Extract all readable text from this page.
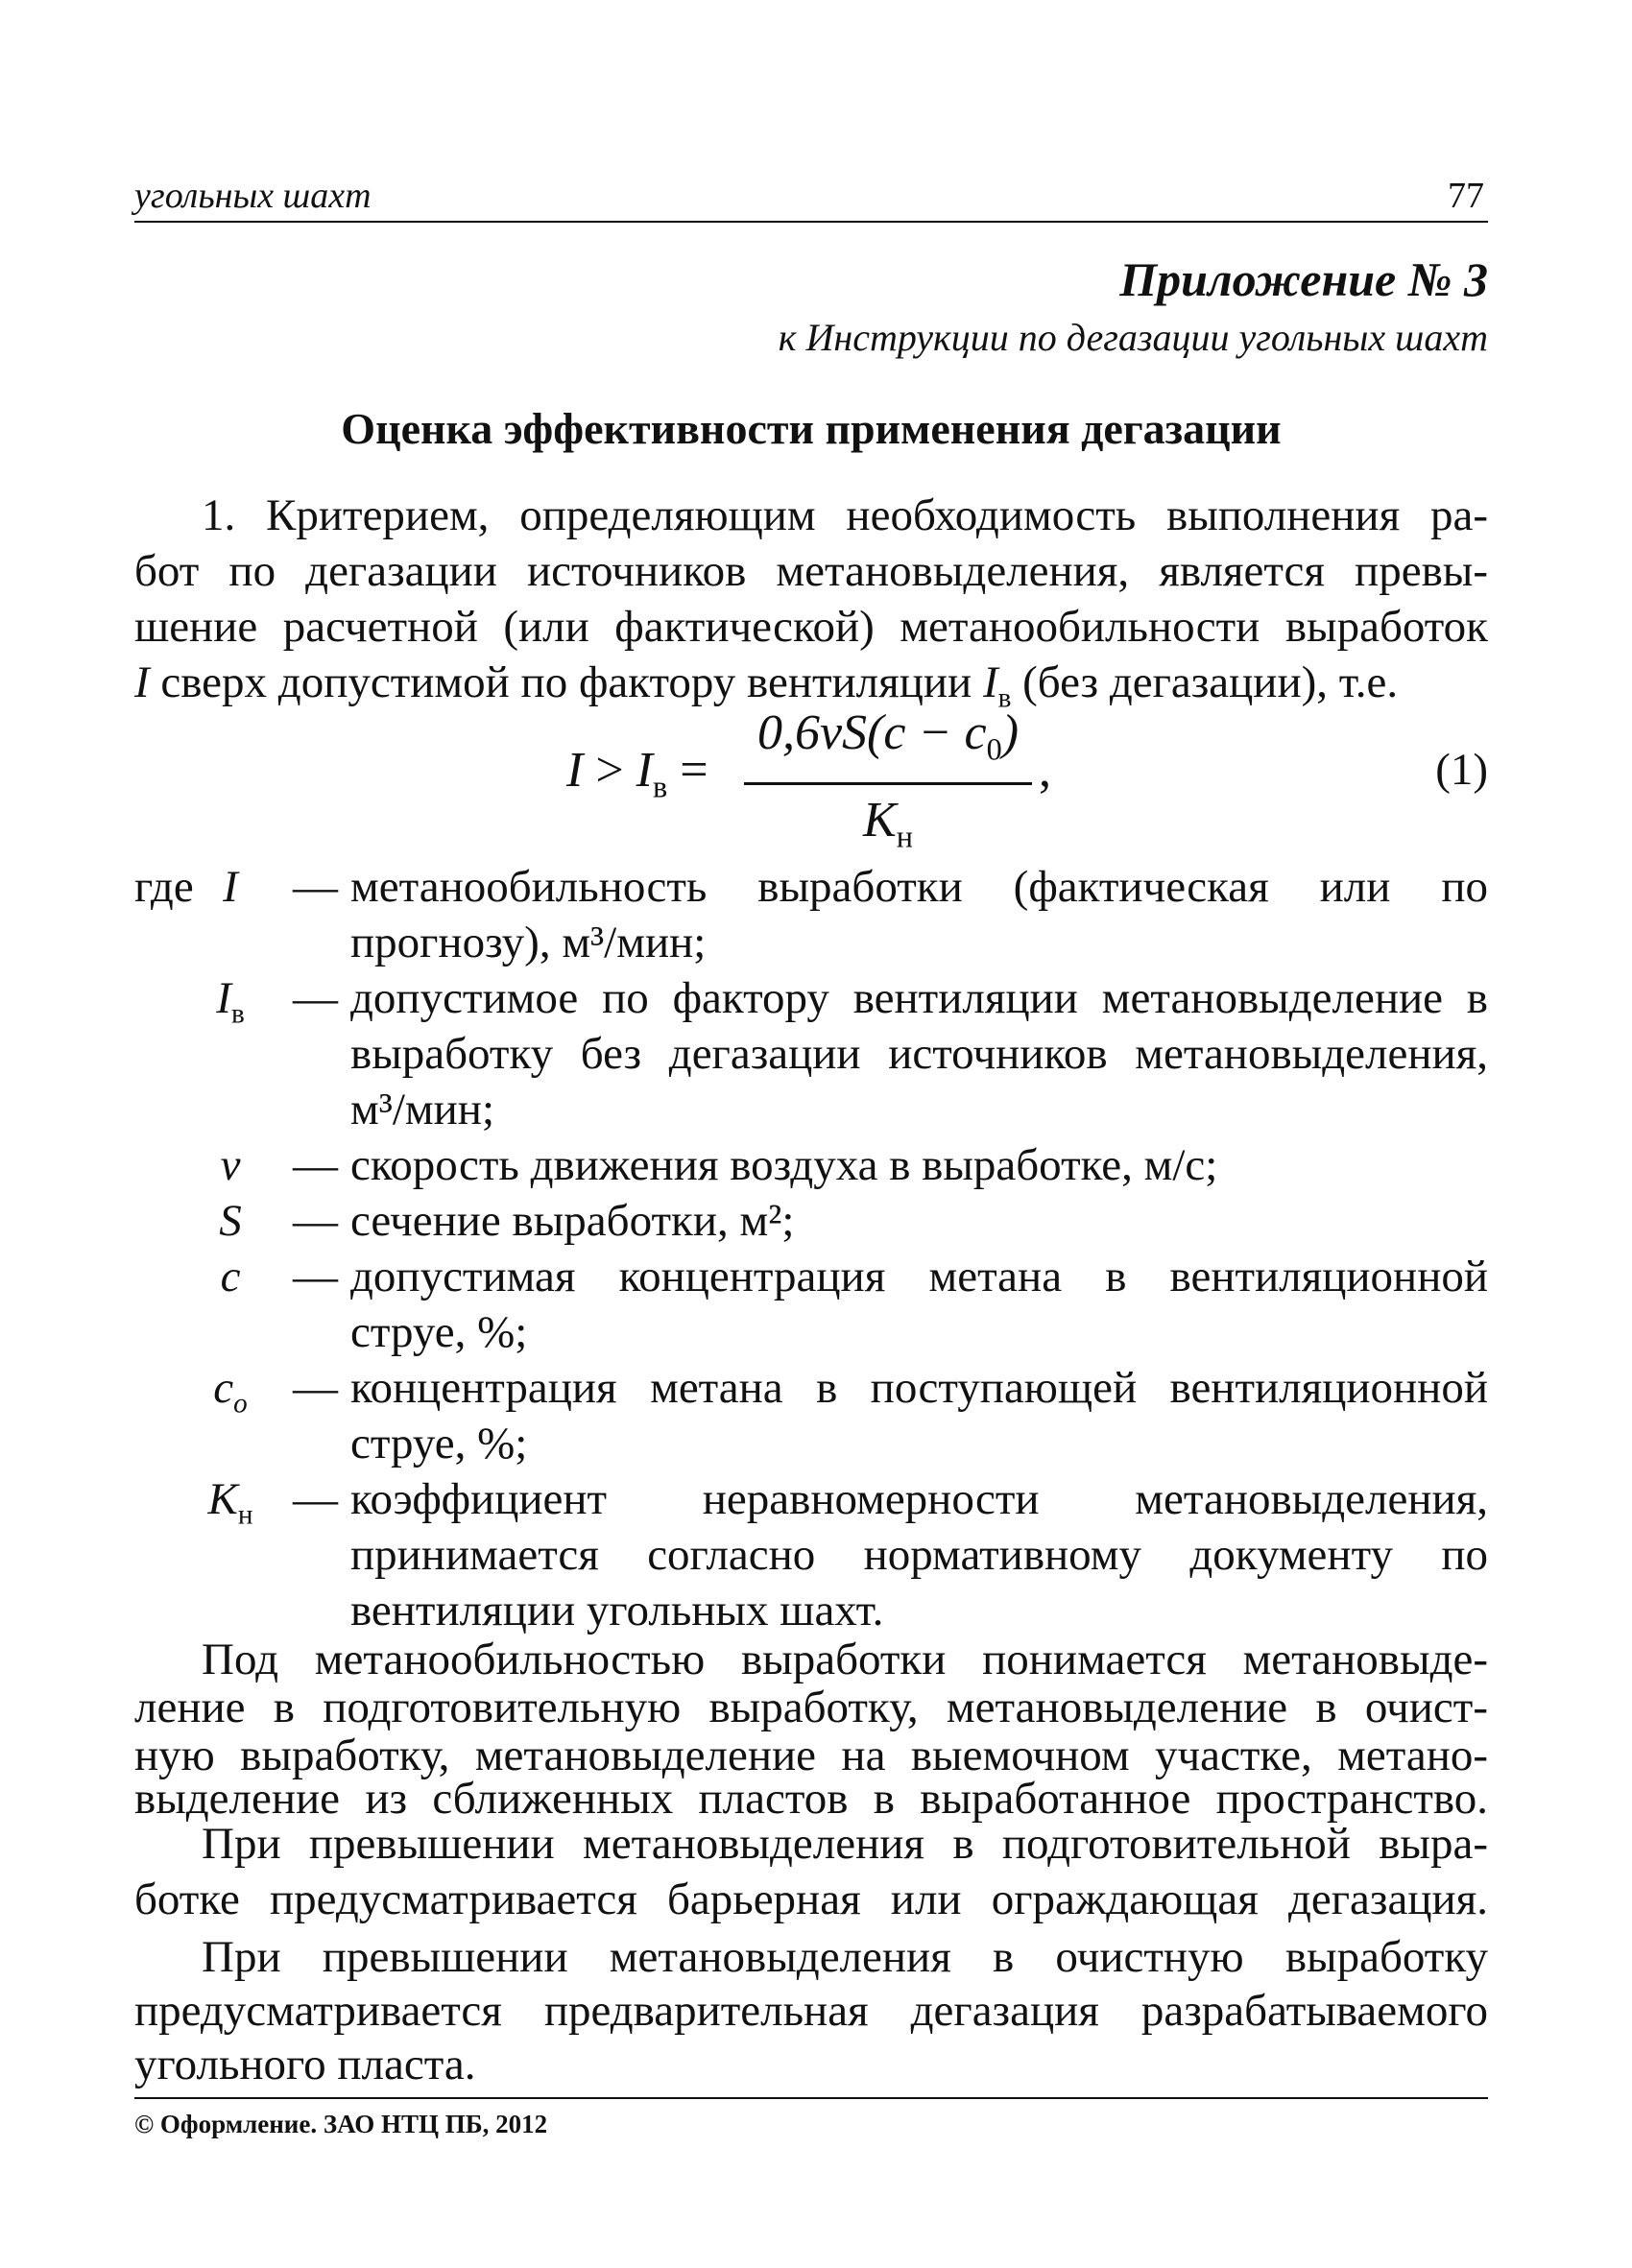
угольных шахт	77
Приложение № 3
к Инструкции по дегазации угольных шахт
Оценка эффективности применения дегазации
1. Критерием, определяющим необходимость выполнения ра-
бот по дегазации источников метановыделения, является превы-
шение расчетной (или фактической) метанообильности выработок
I сверх допустимой по фактору вентиляции $I_в$ (без дегазации), т.е.
$I > I_в$ =
$0,6vS(c - c_0)$
$K_н$
,	(1)
где I	— метанообильность выработки (фактическая или по
прогнозу), м³/мин;
$I_в$	— допустимое по фактору вентиляции метановыделение в
выработку без дегазации источников метановыделения,
м³/мин;
v	— скорость движения воздуха в выработке, м/с;
S	— сечение выработки, м²;
c	— допустимая концентрация метана в вентиляционной
струе, %;
$c_о$	— концентрация метана в поступающей вентиляционной
струе, %;
$K_н$ — коэффициент неравномерности метановыделения,
принимается согласно нормативному документу по
вентиляции угольных шахт.
Под метанообильностью выработки понимается метановыде-
ление в подготовительную выработку, метановыделение в очист-
ную выработку, метановыделение на выемочном участке, метано-
выделение из сближенных пластов в выработанное пространство.
При превышении метановыделения в подготовительной выра-
ботке предусматривается барьерная или ограждающая дегазация.
При превышении метановыделения в очистную выработку
© Оформление. ЗАО НТЦ ПБ, 2012
предусматривается предварительная дегазация разрабатываемого
угольного пласта.
